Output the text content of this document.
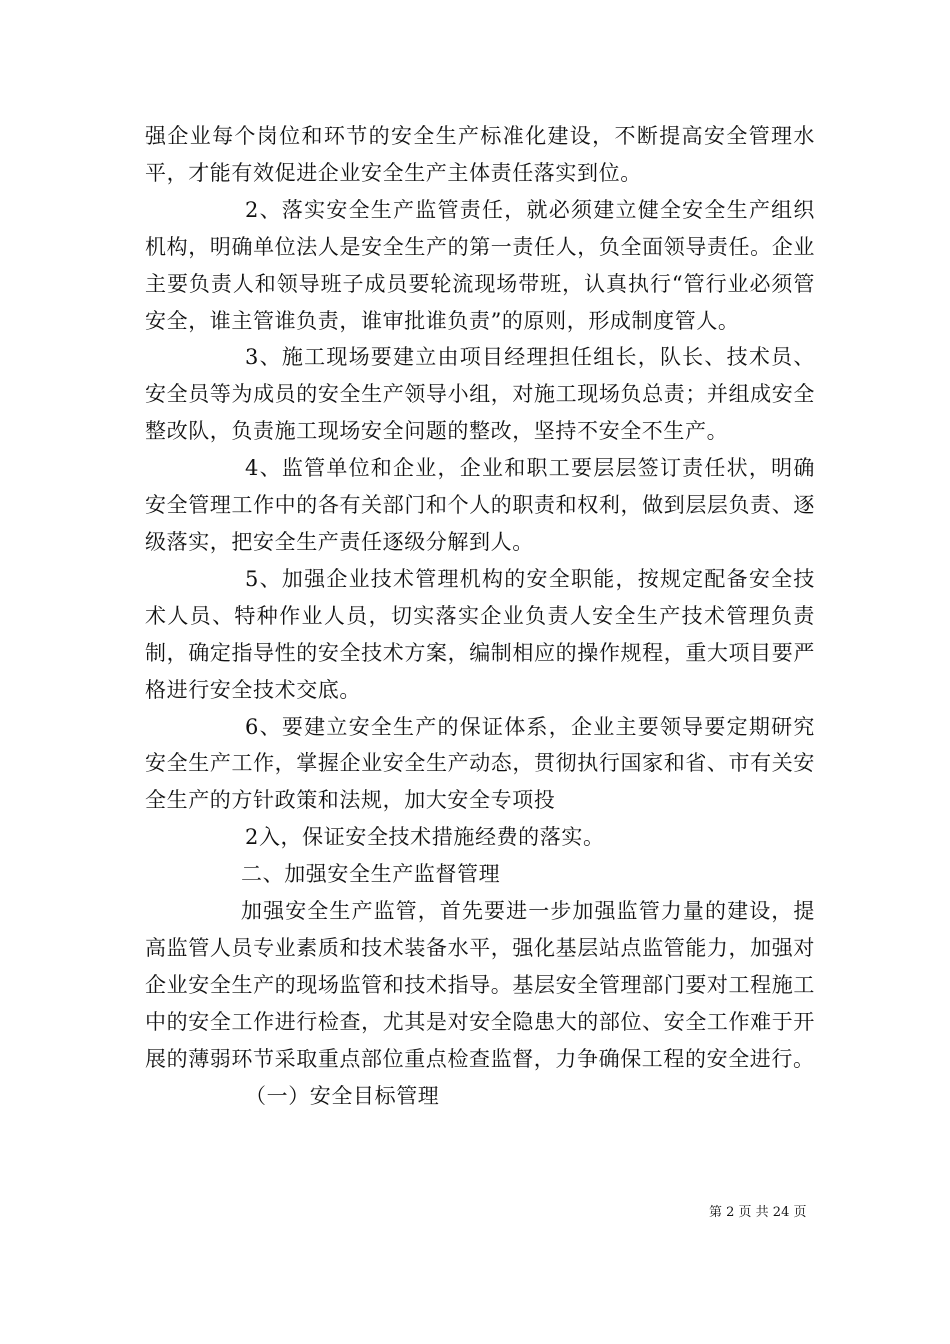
强企业每个岗位和环节的安全生产标准化建设，不断提高安全管理水平，才能有效促进企业安全生产主体责任落实到位。

2、落实安全生产监管责任，就必须建立健全安全生产组织机构，明确单位法人是安全生产的第一责任人，负全面领导责任。企业主要负责人和领导班子成员要轮流现场带班，认真执行“管行业必须管安全，谁主管谁负责，谁审批谁负责”的原则，形成制度管人。

3、施工现场要建立由项目经理担任组长，队长、技术员、安全员等为成员的安全生产领导小组，对施工现场负总责；并组成安全整改队，负责施工现场安全问题的整改，坚持不安全不生产。

4、监管单位和企业，企业和职工要层层签订责任状，明确安全管理工作中的各有关部门和个人的职责和权利，做到层层负责、逐级落实，把安全生产责任逐级分解到人。

5、加强企业技术管理机构的安全职能，按规定配备安全技术人员、特种作业人员，切实落实企业负责人安全生产技术管理负责制，确定指导性的安全技术方案，编制相应的操作规程，重大项目要严格进行安全技术交底。

6、要建立安全生产的保证体系，企业主要领导要定期研究安全生产工作，掌握企业安全生产动态，贯彻执行国家和省、市有关安全生产的方针政策和法规，加大安全专项投

2入，保证安全技术措施经费的落实。

二、加强安全生产监督管理

加强安全生产监管，首先要进一步加强监管力量的建设，提高监管人员专业素质和技术装备水平，强化基层站点监管能力，加强对企业安全生产的现场监管和技术指导。基层安全管理部门要对工程施工中的安全工作进行检查，尤其是对安全隐患大的部位、安全工作难于开展的薄弱环节采取重点部位重点检查监督，力争确保工程的安全进行。

（一）安全目标管理

第 2 页 共 24 页
